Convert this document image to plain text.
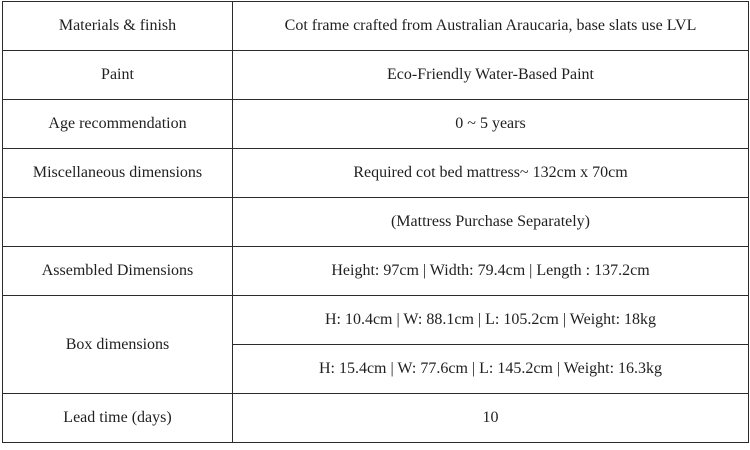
Materials & finish	Cot frame crafted from Australian Araucaria, base slats use LVL
Paint	Eco-Friendly Water-Based Paint
Age recommendation	0 ~ 5 years
Miscellaneous dimensions	Required cot bed mattress~ 132cm x 70cm
	(Mattress Purchase Separately)
Assembled Dimensions	Height: 97cm | Width: 79.4cm | Length : 137.2cm
Box dimensions	H: 10.4cm | W: 88.1cm | L: 105.2cm | Weight: 18kg
	H: 15.4cm | W: 77.6cm | L: 145.2cm | Weight: 16.3kg
Lead time (days)	10
